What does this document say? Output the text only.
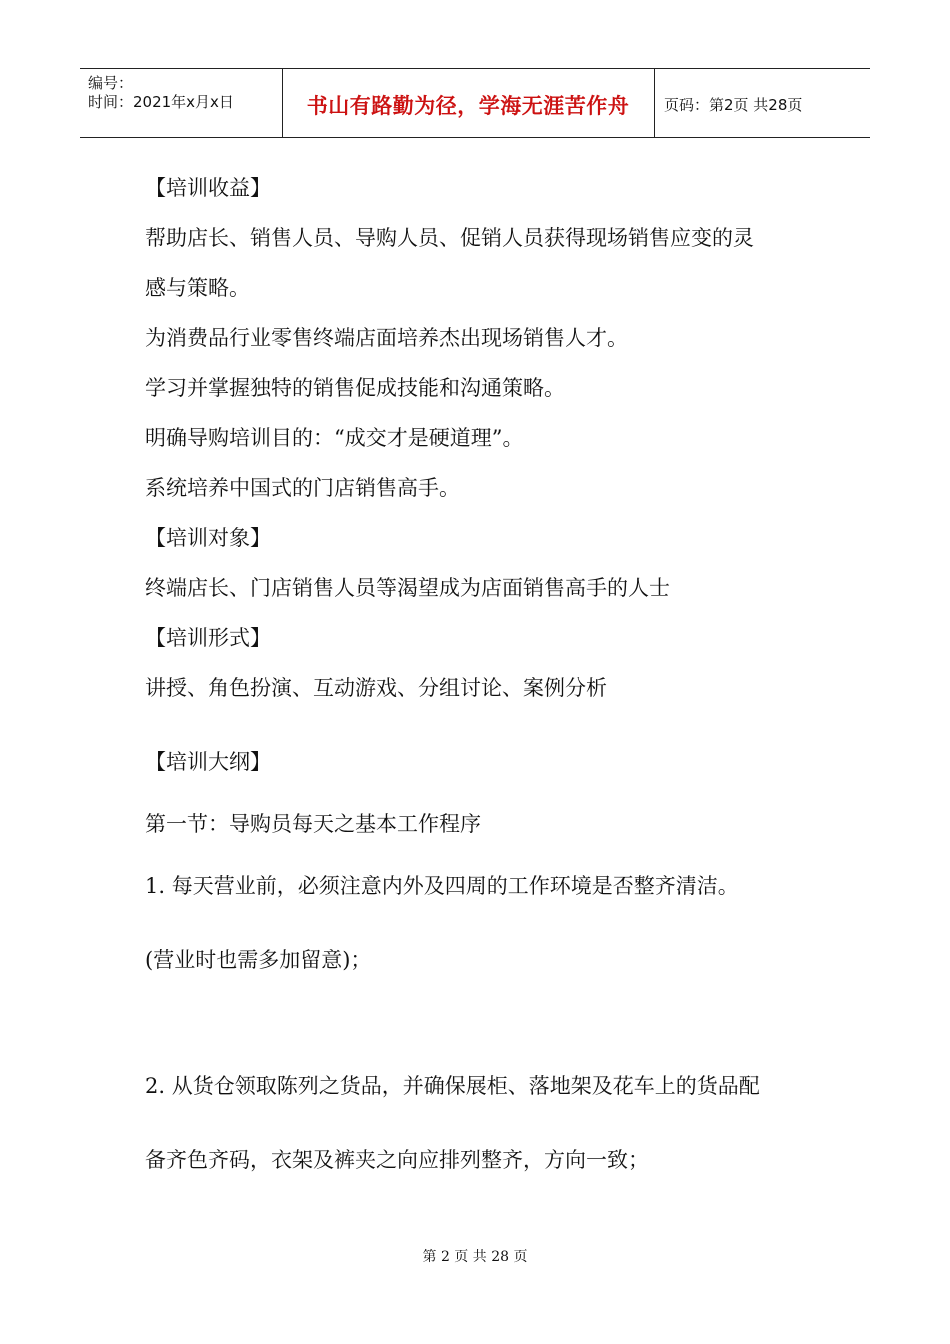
编号：
时间：2021年x月x日	书山有路勤为径，学海无涯苦作舟	页码：第2页 共28页
【培训收益】
帮助店长、销售人员、导购人员、促销人员获得现场销售应变的灵
感与策略。
为消费品行业零售终端店面培养杰出现场销售人才。
学习并掌握独特的销售促成技能和沟通策略。
明确导购培训目的：“成交才是硬道理”。
系统培养中国式的门店销售高手。
【培训对象】
终端店长、门店销售人员等渴望成为店面销售高手的人士
【培训形式】
讲授、角色扮演、互动游戏、分组讨论、案例分析
【培训大纲】
第一节：导购员每天之基本工作程序
1. 每天营业前，必须注意内外及四周的工作环境是否整齐清洁。
(营业时也需多加留意)；
2. 从货仓领取陈列之货品，并确保展柜、落地架及花车上的货品配
备齐色齐码，衣架及裤夹之向应排列整齐，方向一致；
第 2 页 共 28 页
